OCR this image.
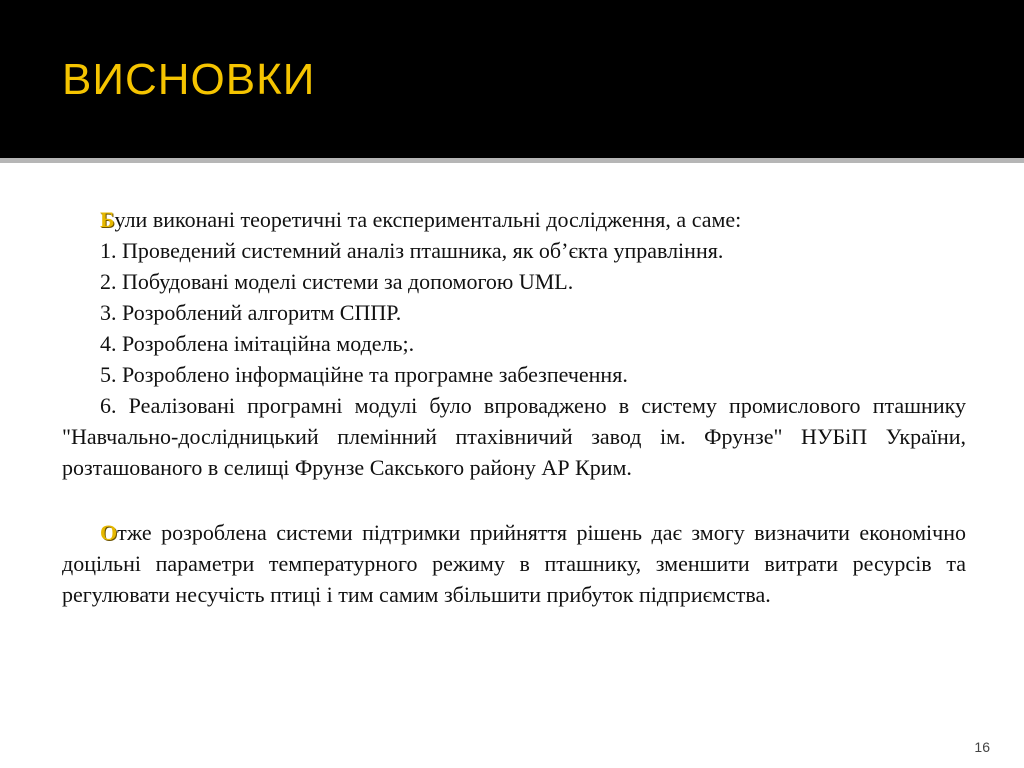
ВИСНОВКИ

Були виконані теоретичні та експериментальні дослідження, а саме:

1. Проведений системний аналіз пташника, як об’єкта управління.

2. Побудовані моделі системи за допомогою UML.

3. Розроблений алгоритм СППР.

4. Розроблена імітаційна модель;.

5. Розроблено інформаційне та програмне забезпечення.

6. Реалізовані програмні модулі було впроваджено в систему промислового пташнику "Навчально-дослідницький племінний птахівничий завод ім. Фрунзе" НУБіП України, розташованого в селищі Фрунзе Сакського району АР Крим.

Отже розроблена системи підтримки прийняття рішень дає змогу визначити економічно доцільні параметри температурного режиму в пташнику, зменшити витрати ресурсів та регулювати несучість птиці і тим самим збільшити прибуток підприємства.

16
